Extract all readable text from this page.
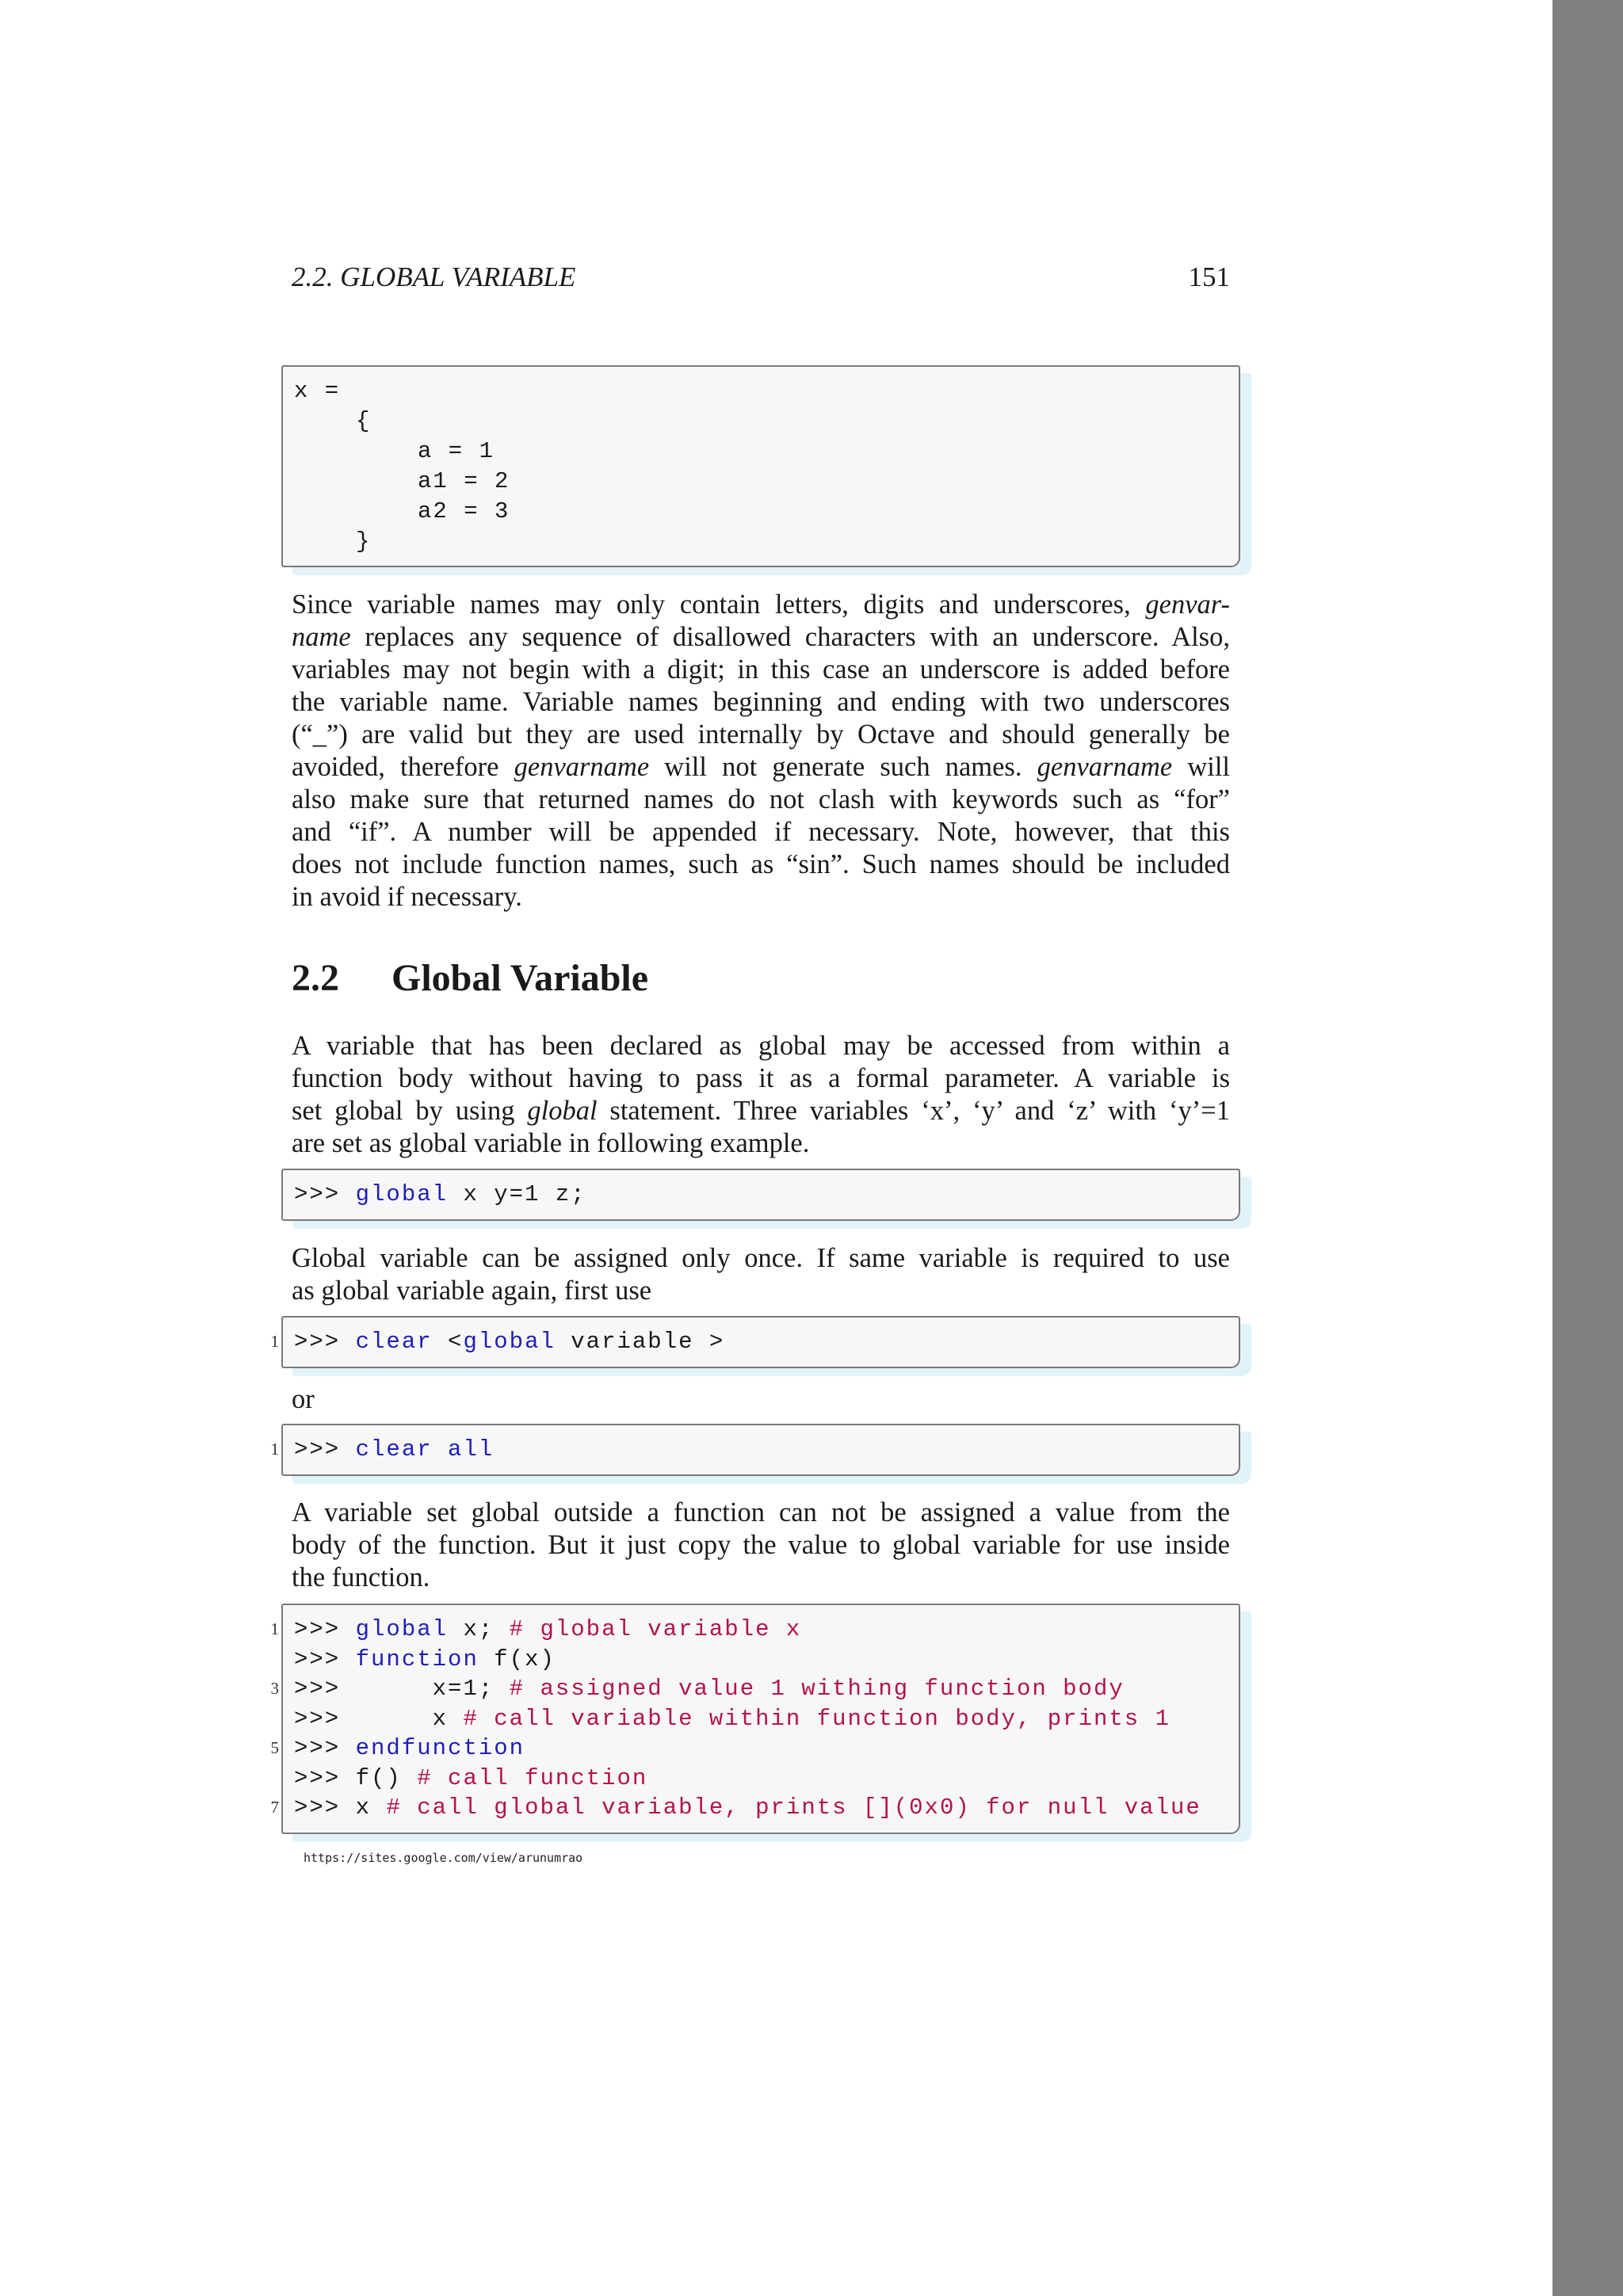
2.2. GLOBAL VARIABLE	151
x =
{
a = 1
a1 = 2
a2 = 3
}
Since variable names may only contain letters, digits and underscores, genvar-
name replaces any sequence of disallowed characters with an underscore. Also,
variables may not begin with a digit; in this case an underscore is added before
the variable name. Variable names beginning and ending with two underscores
(“_”) are valid but they are used internally by Octave and should generally be
avoided, therefore genvarname will not generate such names. genvarname will
also make sure that returned names do not clash with keywords such as “for”
and “if”. A number will be appended if necessary. Note, however, that this
does not include function names, such as “sin”. Such names should be included
in avoid if necessary.
2.2 Global Variable
A variable that has been declared as global may be accessed from within a
function body without having to pass it as a formal parameter. A variable is
set global by using global statement. Three variables ‘x’, ‘y’ and ‘z’ with ‘y’=1
are set as global variable in following example.
>>> global x y=1 z;
Global variable can be assigned only once. If same variable is required to use
as global variable again, first use
1 >>> clear <global variable >
or
1 >>> clear all
A variable set global outside a function can not be assigned a value from the
body of the function. But it just copy the value to global variable for use inside
the function.
1
3
5
7
>>> global x; # global variable x
>>> function f(x)
>>>      x=1; # assigned value 1 withing function body
>>>      x # call variable within function body, prints 1
>>> endfunction
>>> f() # call function
>>> x # call global variable, prints [](0x0) for null value
https://sites.google.com/view/arunumrao
